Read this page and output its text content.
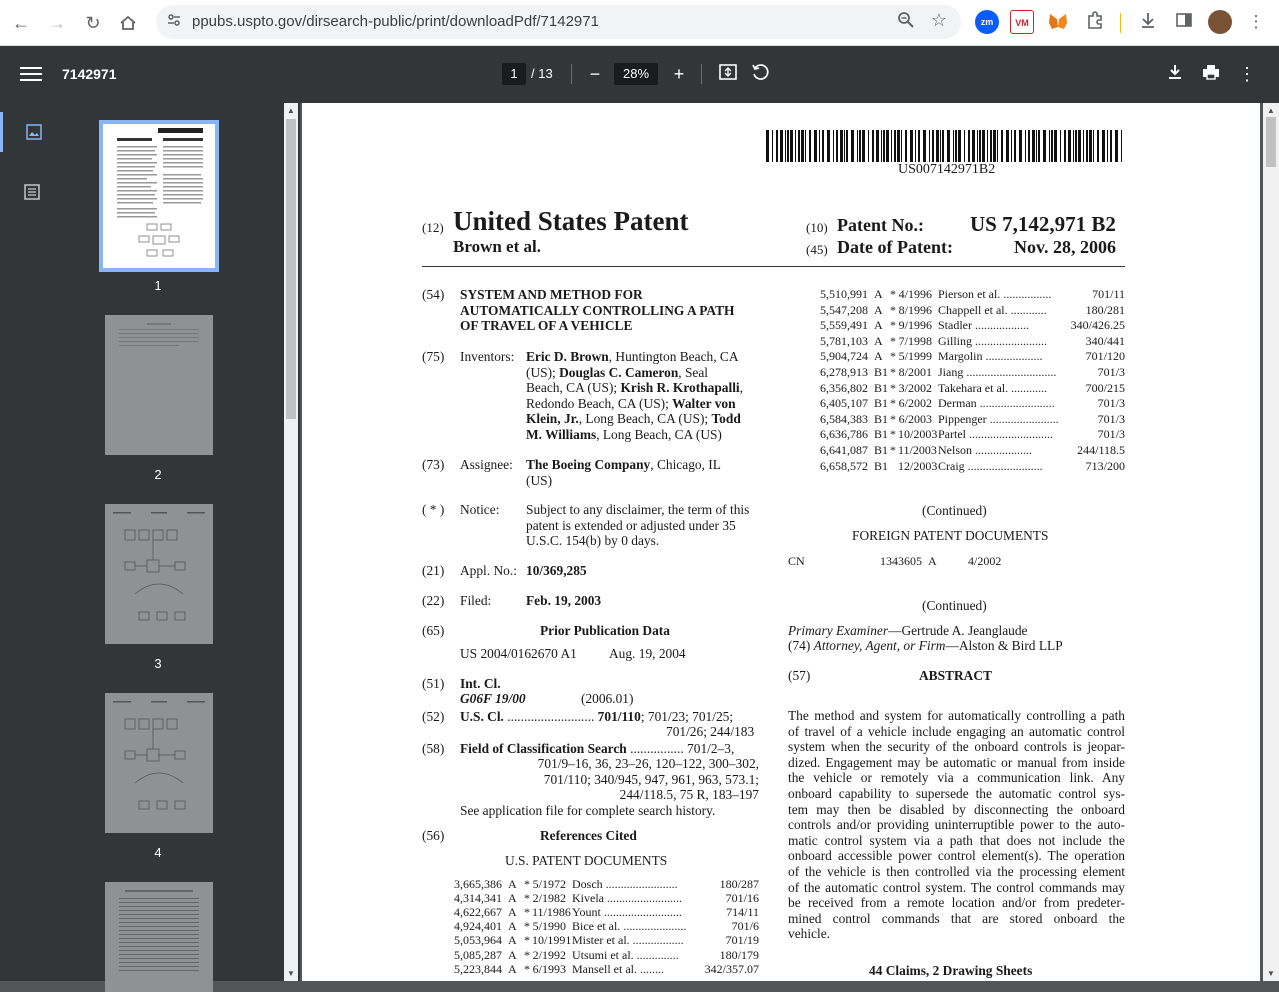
← →	↻	ppubs.uspto.gov/dirsearch-public/print/downloadPdf/7142971	☆	zm	VM	⋮
7142971	1	/ 13	−	28%	+	⋮
1
2
3
4
▲
▼
US007142971B2
(12) United States Patent
Brown et al.
(10) Patent No.: US 7,142,971 B2
(45) Date of Patent:	Nov. 28, 2006
(54) SYSTEM AND METHOD FOR
AUTOMATICALLY CONTROLLING A PATH
OF TRAVEL OF A VEHICLE
(75) Inventors: Eric D. Brown, Huntington Beach, CA
(US); Douglas C. Cameron, Seal
Beach, CA (US); Krish R. Krothapalli,
Redondo Beach, CA (US); Walter von
Klein, Jr., Long Beach, CA (US); Todd
M. Williams, Long Beach, CA (US)
(73) Assignee: The Boeing Company, Chicago, IL
(US)
( * ) Notice: Subject to any disclaimer, the term of this
patent is extended or adjusted under 35
U.S.C. 154(b) by 0 days.
(21) Appl. No.: 10/369,285
(22) Filed:	Feb. 19, 2003
(65)	Prior Publication Data
US 2004/0162670 A1 Aug. 19, 2004
(51) Int. Cl.
G06F 19/00	(2006.01)
(52) U.S. Cl. .......................... 701/110; 701/23; 701/25;
701/26; 244/183
(58) Field of Classification Search ................ 701/2–3,
701/9–16, 36, 23–26, 120–122, 300–302,
701/110; 340/945, 947, 961, 963, 573.1;
244/118.5, 75 R, 183–197
See application file for complete search history.
(56)	References Cited
U.S. PATENT DOCUMENTS
3,665,386 A * 5/1972 Dosch ........................	180/287
4,314,341 A * 2/1982 Kivela .........................	701/16
4,622,667 A * 11/1986 Yount ..........................	714/11
4,924,401 A * 5/1990 Bice et al. .....................	701/6
5,053,964 A * 10/1991 Mister et al. .................	701/19
5,085,287 A * 2/1992 Utsumi et al. ..............	180/179
5,223,844 A * 6/1993 Mansell et al. ........	342/357.07
5,510,991 A * 4/1996 Pierson et al. ................	701/11
5,547,208 A * 8/1996 Chappell et al. ............	180/281
5,559,491 A * 9/1996 Stadler ..................	340/426.25
5,781,103 A * 7/1998 Gilling ........................	340/441
5,904,724 A * 5/1999 Margolin ...................	701/120
6,278,913 B1 * 8/2001 Jiang ..............................	701/3
6,356,802 B1 * 3/2002 Takehara et al. ............	700/215
6,405,107 B1 * 6/2002 Derman .........................	701/3
6,584,383 B1 * 6/2003 Pippenger .......................	701/3
6,636,786 B1 * 10/2003 Partel ............................	701/3
6,641,087 B1 * 11/2003 Nelson ...................	244/118.5
6,658,572 B1 12/2003 Craig .........................	713/200
(Continued)
FOREIGN PATENT DOCUMENTS
CN	1343605 A	4/2002
(Continued)
Primary Examiner—Gertrude A. Jeanglaude
(74) Attorney, Agent, or Firm—Alston & Bird LLP
(57)	ABSTRACT
The method and system for automatically controlling a path
of travel of a vehicle include engaging an automatic control
system when the security of the onboard controls is jeopar-
dized. Engagement may be automatic or manual from inside
the vehicle or remotely via a communication link. Any
onboard capability to supersede the automatic control sys-
tem may then be disabled by disconnecting the onboard
controls and/or providing uninterruptible power to the auto-
matic control system via a path that does not include the
onboard accessible power control element(s). The operation
of the vehicle is then controlled via the processing element
of the automatic control system. The control commands may
be received from a remote location and/or from predeter-
mined control commands that are stored onboard the
vehicle.
44 Claims, 2 Drawing Sheets
▲
▼
